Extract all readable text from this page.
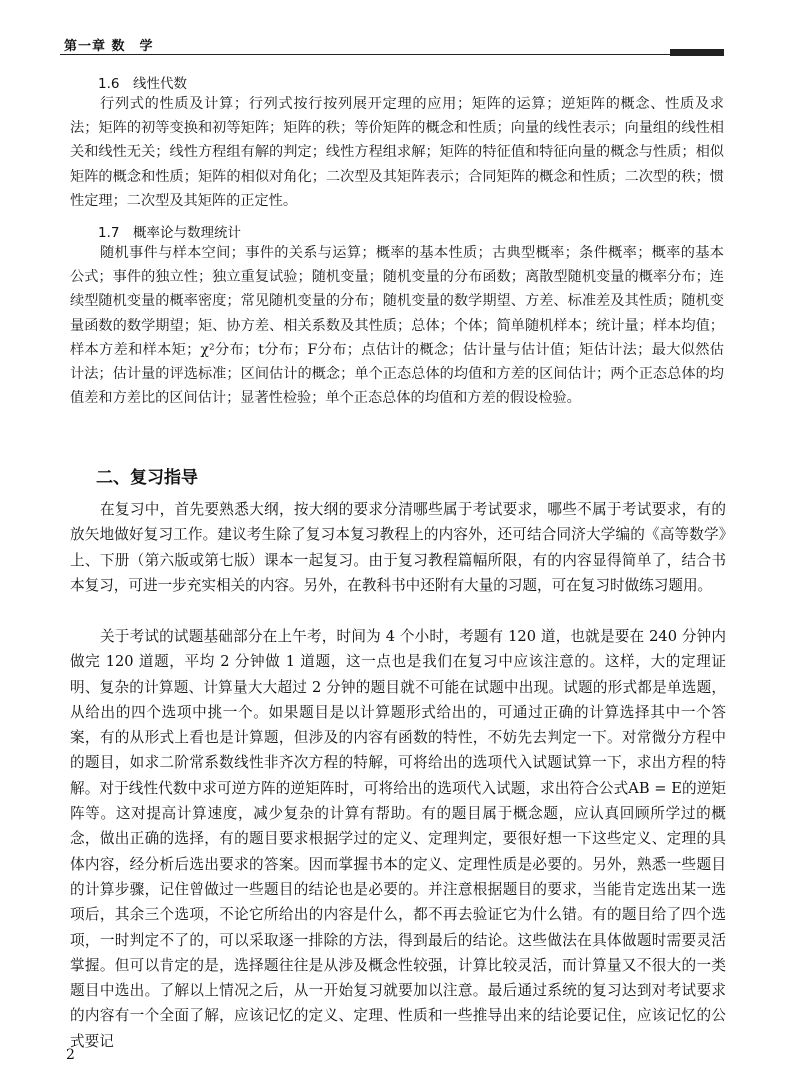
第一章 数　学
1.6　线性代数

行列式的性质及计算；行列式按行按列展开定理的应用；矩阵的运算；逆矩阵的概念、性质及求法；矩阵的初等变换和初等矩阵；矩阵的秩；等价矩阵的概念和性质；向量的线性表示；向量组的线性相关和线性无关；线性方程组有解的判定；线性方程组求解；矩阵的特征值和特征向量的概念与性质；相似矩阵的概念和性质；矩阵的相似对角化；二次型及其矩阵表示；合同矩阵的概念和性质；二次型的秩；惯性定理；二次型及其矩阵的正定性。

1.7　概率论与数理统计

随机事件与样本空间；事件的关系与运算；概率的基本性质；古典型概率；条件概率；概率的基本公式；事件的独立性；独立重复试验；随机变量；随机变量的分布函数；离散型随机变量的概率分布；连续型随机变量的概率密度；常见随机变量的分布；随机变量的数学期望、方差、标准差及其性质；随机变量函数的数学期望；矩、协方差、相关系数及其性质；总体；个体；简单随机样本；统计量；样本均值；样本方差和样本矩；χ²分布；t分布；F分布；点估计的概念；估计量与估计值；矩估计法；最大似然估计法；估计量的评选标准；区间估计的概念；单个正态总体的均值和方差的区间估计；两个正态总体的均值差和方差比的区间估计；显著性检验；单个正态总体的均值和方差的假设检验。

二、复习指导

在复习中，首先要熟悉大纲，按大纲的要求分清哪些属于考试要求，哪些不属于考试要求，有的放矢地做好复习工作。建议考生除了复习本复习教程上的内容外，还可结合同济大学编的《高等数学》上、下册（第六版或第七版）课本一起复习。由于复习教程篇幅所限，有的内容显得简单了，结合书本复习，可进一步充实相关的内容。另外，在教科书中还附有大量的习题，可在复习时做练习题用。

关于考试的试题基础部分在上午考，时间为 4 个小时，考题有 120 道，也就是要在 240 分钟内做完 120 道题，平均 2 分钟做 1 道题，这一点也是我们在复习中应该注意的。这样，大的定理证明、复杂的计算题、计算量大大超过 2 分钟的题目就不可能在试题中出现。试题的形式都是单选题，从给出的四个选项中挑一个。如果题目是以计算题形式给出的，可通过正确的计算选择其中一个答案，有的从形式上看也是计算题，但涉及的内容有函数的特性，不妨先去判定一下。对常微分方程中的题目，如求二阶常系数线性非齐次方程的特解，可将给出的选项代入试题试算一下，求出方程的特解。对于线性代数中求可逆方阵的逆矩阵时，可将给出的选项代入试题，求出符合公式AB = E的逆矩阵等。这对提高计算速度，减少复杂的计算有帮助。有的题目属于概念题，应认真回顾所学过的概念，做出正确的选择，有的题目要求根据学过的定义、定理判定，要很好想一下这些定义、定理的具体内容，经分析后选出要求的答案。因而掌握书本的定义、定理性质是必要的。另外，熟悉一些题目的计算步骤，记住曾做过一些题目的结论也是必要的。并注意根据题目的要求，当能肯定选出某一选项后，其余三个选项，不论它所给出的内容是什么，都不再去验证它为什么错。有的题目给了四个选项，一时判定不了的，可以采取逐一排除的方法，得到最后的结论。这些做法在具体做题时需要灵活掌握。但可以肯定的是，选择题往往是从涉及概念性较强，计算比较灵活，而计算量又不很大的一类题目中选出。了解以上情况之后，从一开始复习就要加以注意。最后通过系统的复习达到对考试要求的内容有一个全面了解，应该记忆的定义、定理、性质和一些推导出来的结论要记住，应该记忆的公式要记

2
